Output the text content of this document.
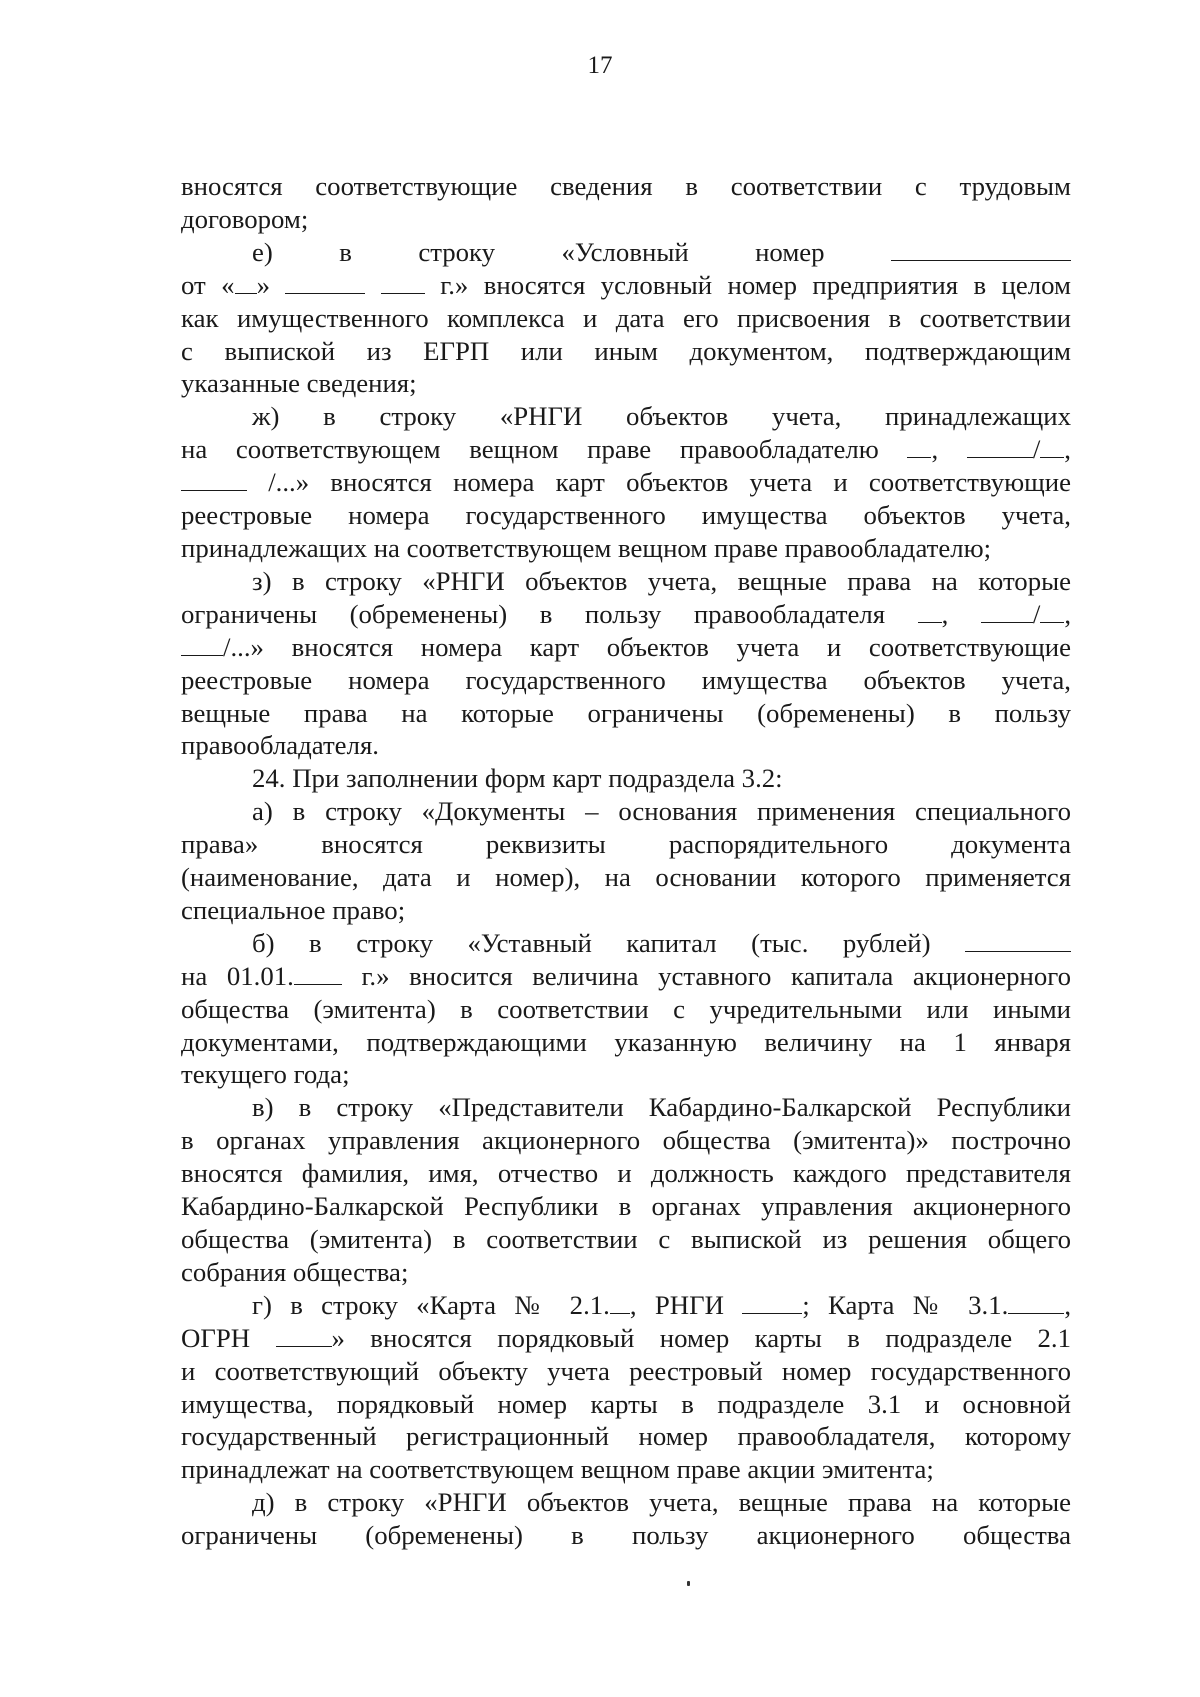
17
вносятся соответствующие сведения в соответствии с трудовым
договором;
е) в строку «Условный номер
от « »	г.» вносятся условный номер предприятия в целом
как имущественного комплекса и дата его присвоения в соответствии
с выпиской из ЕГРП или иным документом, подтверждающим
указанные сведения;
ж) в строку «РНГИ объектов учета, принадлежащих
на соответствующем вещном праве правообладателю ,	/ ,
/...» вносятся номера карт объектов учета и соответствующие
реестровые номера государственного имущества объектов учета,
принадлежащих на соответствующем вещном праве правообладателю;
з) в строку «РНГИ объектов учета, вещные права на которые
ограничены (обременены) в пользу правообладателя ,	/ ,
/...» вносятся номера карт объектов учета и соответствующие
реестровые номера государственного имущества объектов учета,
вещные права на которые ограничены (обременены) в пользу
правообладателя.
24. При заполнении форм карт подраздела 3.2:
а) в строку «Документы – основания применения специального
права» вносятся реквизиты распорядительного документа
(наименование, дата и номер), на основании которого применяется
специальное право;
б) в строку «Уставный капитал (тыс. рублей)
на 01.01.	г.» вносится величина уставного капитала акционерного
общества (эмитента) в соответствии с учредительными или иными
документами, подтверждающими указанную величину на 1 января
текущего года;
в) в строку «Представители Кабардино-Балкарской Республики
в органах управления акционерного общества (эмитента)» построчно
вносятся фамилия, имя, отчество и должность каждого представителя
Кабардино-Балкарской Республики в органах управления акционерного
общества (эмитента) в соответствии с выпиской из решения общего
собрания общества;
г) в строку «Карта № 2.1. , РНГИ	; Карта № 3.1. ,
ОГРН	» вносятся порядковый номер карты в подразделе 2.1
и соответствующий объекту учета реестровый номер государственного
имущества, порядковый номер карты в подразделе 3.1 и основной
государственный регистрационный номер правообладателя, которому
принадлежат на соответствующем вещном праве акции эмитента;
д) в строку «РНГИ объектов учета, вещные права на которые
ограничены (обременены) в пользу акционерного общества
